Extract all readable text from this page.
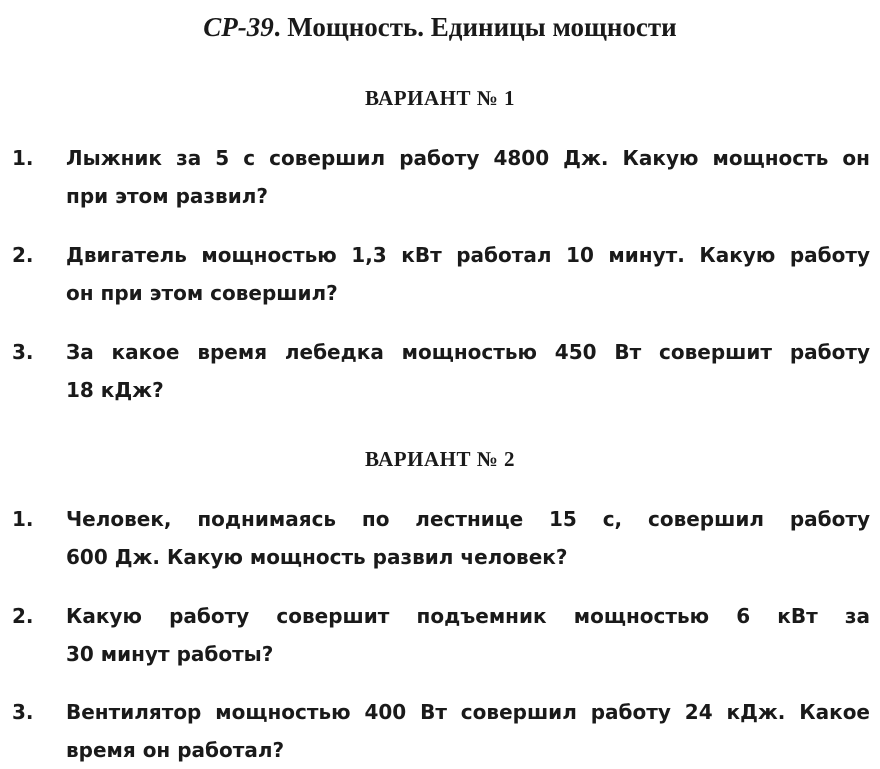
СР-39. Мощность. Единицы мощности
ВАРИАНТ № 1
1. Лыжник за 5 с совершил работу 4800 Дж. Какую мощность он
при этом развил?
2. Двигатель мощностью 1,3 кВт работал 10 минут. Какую работу
он при этом совершил?
3. За какое время лебедка мощностью 450 Вт совершит работу
18 кДж?
ВАРИАНТ № 2
1. Человек, поднимаясь по лестнице 15 с, совершил работу
600 Дж. Какую мощность развил человек?
2. Какую работу совершит подъемник мощностью 6 кВт за
30 минут работы?
3. Вентилятор мощностью 400 Вт совершил работу 24 кДж. Какое
время он работал?
